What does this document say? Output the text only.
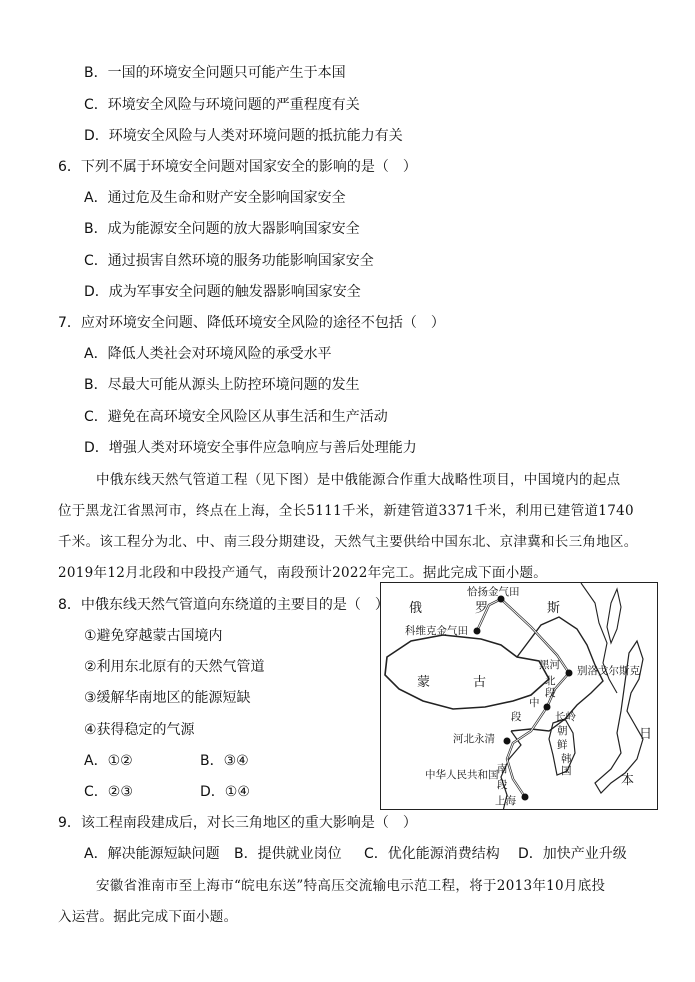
B．一国的环境安全问题只可能产生于本国
C．环境安全风险与环境问题的严重程度有关
D．环境安全风险与人类对环境问题的抵抗能力有关
6．下列不属于环境安全问题对国家安全的影响的是（　）
A．通过危及生命和财产安全影响国家安全
B．成为能源安全问题的放大器影响国家安全
C．通过损害自然环境的服务功能影响国家安全
D．成为军事安全问题的触发器影响国家安全
7．应对环境安全问题、降低环境安全风险的途径不包括（　）
A．降低人类社会对环境风险的承受水平
B．尽最大可能从源头上防控环境问题的发生
C．避免在高环境安全风险区从事生活和生产活动
D．增强人类对环境安全事件应急响应与善后处理能力
中俄东线天然气管道工程（见下图）是中俄能源合作重大战略性项目，中国境内的起点
位于黑龙江省黑河市，终点在上海，全长5111千米，新建管道3371千米，利用已建管道1740
千米。该工程分为北、中、南三段分期建设，天然气主要供给中国东北、京津冀和长三角地区。
2019年12月北段和中段投产通气，南段预计2022年完工。据此完成下面小题。
8．中俄东线天然气管道向东绕道的主要目的是（　）
①避免穿越蒙古国境内
②利用东北原有的天然气管道
③缓解华南地区的能源短缺
④获得稳定的气源
A．①②	B．③④
C．②③	D．①④
俄	罗	斯
恰扬金气田
科维克金气田
蒙	古
黑河 别洛戈尔斯克
北
段
长岭
中
段
河北永清
朝
鲜
韩
国
日
本
中华人民共和国
南
段
上海
9．该工程南段建成后，对长三角地区的重大影响是（　）
A．解决能源短缺问题 B．提供就业岗位 C．优化能源消费结构 D．加快产业升级
安徽省淮南市至上海市“皖电东送”特高压交流输电示范工程，将于2013年10月底投
入运营。据此完成下面小题。
